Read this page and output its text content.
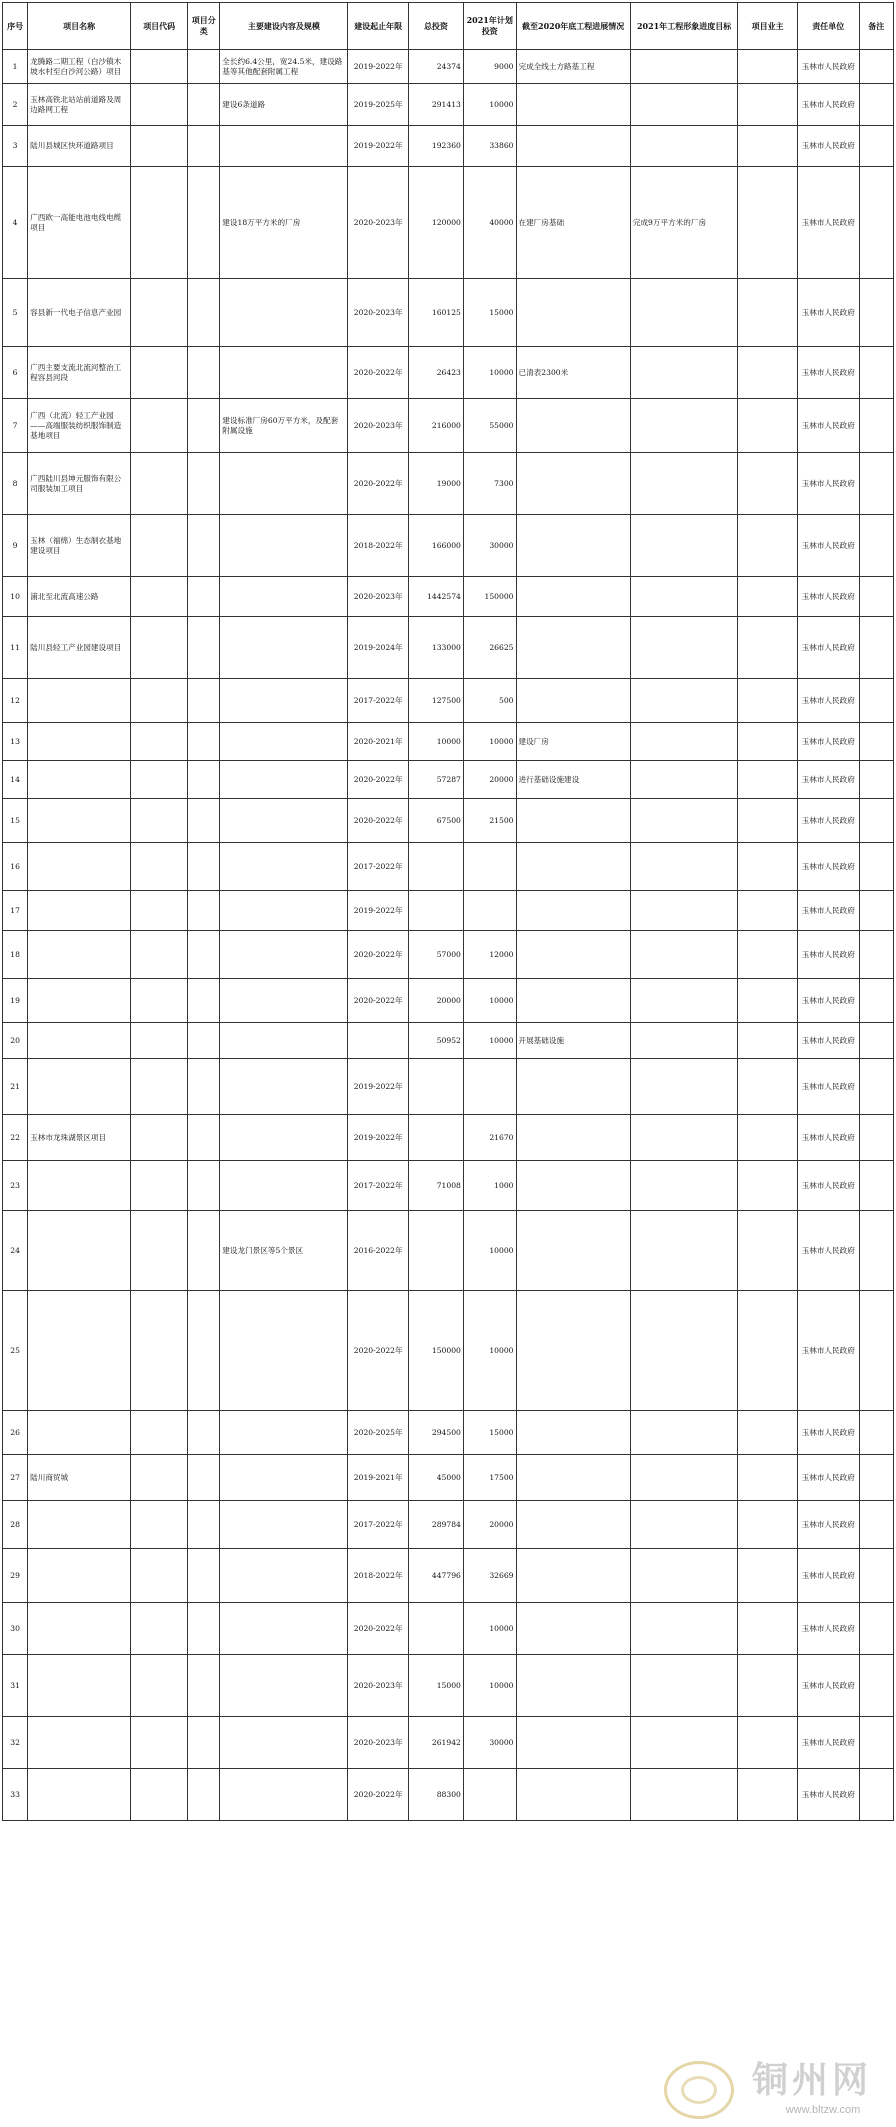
序号	项目名称	项目代码	项目分类	主要建设内容及规模	建设起止年限	总投资	2021年计划投资	截至2020年底工程进展情况	2021年工程形象进度目标	项目业主	责任单位	备注
1	龙腾路二期工程（白沙镇木坡水村至白沙河公路）项目			全长约6.4公里，宽24.5米，建设路基等其他配套附属工程	2019-2022年	24374	9000	完成全线土方路基工程			玉林市人民政府	
2	玉林高铁北站站前道路及周边路网工程			建设6条道路	2019-2025年	291413	10000				玉林市人民政府	
3	陆川县城区快环道路项目				2019-2022年	192360	33860				玉林市人民政府	
4	广西欧一高能电池电线电缆项目			建设18万平方米的厂房	2020-2023年	120000	40000	在建厂房基础	完成9万平方米的厂房		玉林市人民政府	
5	容县新一代电子信息产业园				2020-2023年	160125	15000				玉林市人民政府	
6	广西主要支流北流河整治工程容县河段				2020-2022年	26423	10000	已清表2300米			玉林市人民政府	
7	广西（北流）轻工产业园——高端服装纺织服饰制造基地项目			建设标准厂房60万平方米，及配套附属设施	2020-2023年	216000	55000				玉林市人民政府	
8	广西陆川县坤元服饰有限公司服装加工项目				2020-2022年	19000	7300				玉林市人民政府	
9	玉林（福绵）生态制衣基地建设项目				2018-2022年	166000	30000				玉林市人民政府	
10	浦北至北流高速公路				2020-2023年	1442574	150000				玉林市人民政府	
11	陆川县轻工产业园建设项目				2019-2024年	133000	26625				玉林市人民政府	
12					2017-2022年	127500	500				玉林市人民政府	
13					2020-2021年	10000	10000	建设厂房			玉林市人民政府	
14					2020-2022年	57287	20000	进行基础设施建设			玉林市人民政府	
15					2020-2022年	67500	21500				玉林市人民政府	
16					2017-2022年						玉林市人民政府	
17					2019-2022年						玉林市人民政府	
18					2020-2022年	57000	12000				玉林市人民政府	
19					2020-2022年	20000	10000				玉林市人民政府	
20						50952	10000	开展基础设施			玉林市人民政府	
21					2019-2022年						玉林市人民政府	
22	玉林市龙珠湖景区项目				2019-2022年		21670				玉林市人民政府	
23					2017-2022年	71008	1000				玉林市人民政府	
24				建设龙门景区等5个景区	2016-2022年		10000				玉林市人民政府	
25					2020-2022年	150000	10000				玉林市人民政府	
26					2020-2025年	294500	15000				玉林市人民政府	
27	陆川商贸城				2019-2021年	45000	17500				玉林市人民政府	
28					2017-2022年	289784	20000				玉林市人民政府	
29					2018-2022年	447796	32669				玉林市人民政府	
30					2020-2022年		10000				玉林市人民政府	
31					2020-2023年	15000	10000				玉林市人民政府	
32					2020-2023年	261942	30000				玉林市人民政府	
33					2020-2022年	88300					玉林市人民政府	
铜州网
www.bltzw.com
